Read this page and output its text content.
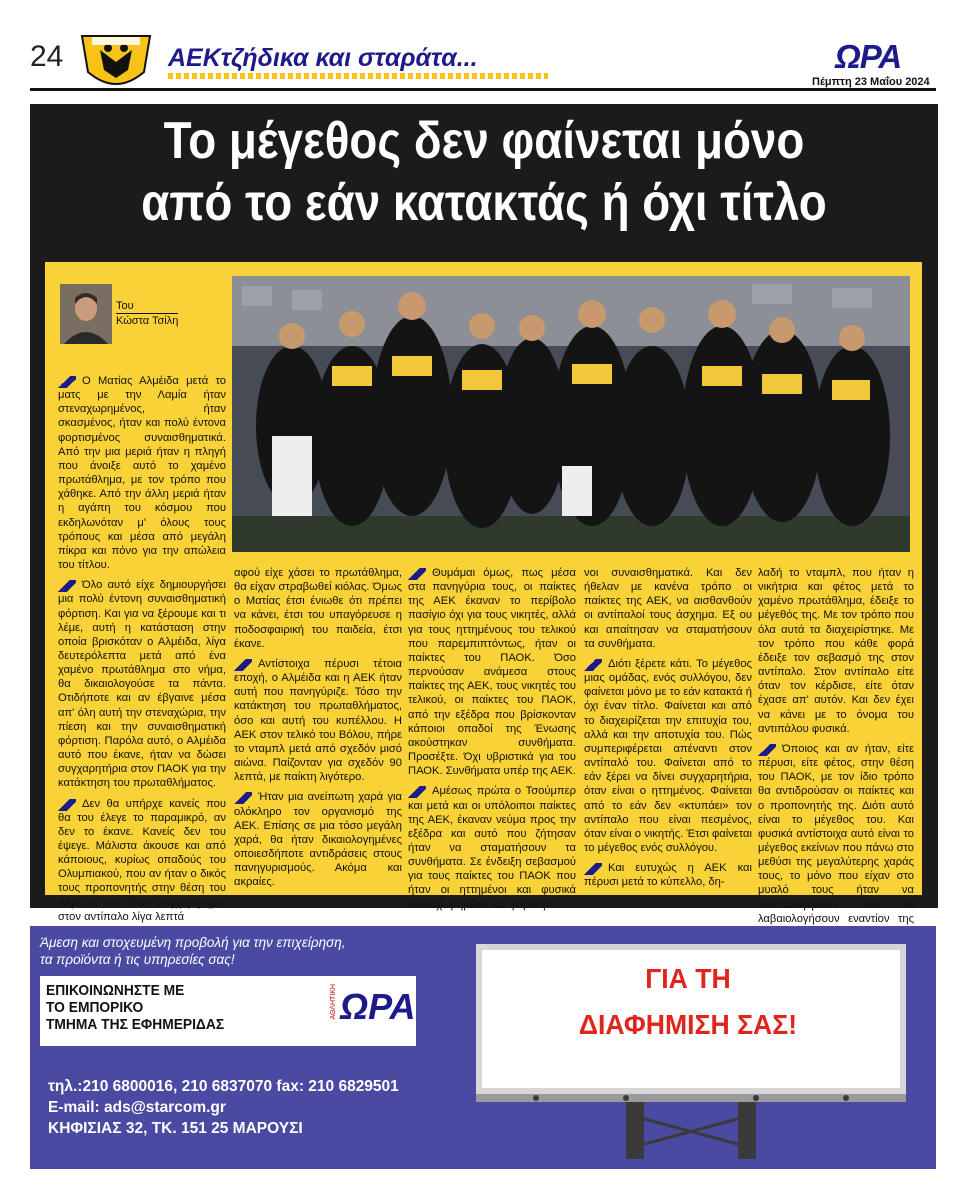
24	ΑΕΚτζήδικα και σταράτα...	ΩΡΑ
Πέμπτη 23 Μαΐου 2024
Το μέγεθος δεν φαίνεται μόνο
από το εάν κατακτάς ή όχι τίτλο
Του
Κώστα Τσίλη

Ο Ματίας Αλμέιδα μετά το ματς με την Λαμία ήταν στεναχωρημένος, ήταν σκασμένος, ήταν και πολύ έντονα φορτισμένος συναισθηματικά. Από την μια μεριά ήταν η πληγή που άνοιξε αυτό το χαμένο πρωτάθλημα, με τον τρόπο που χάθηκε. Από την άλλη μεριά ήταν η αγάπη του κόσμου που εκδηλωνόταν μ' όλους τους τρόπους και μέσα από μεγάλη πίκρα και πόνο για την απώλεια του τίτλου.

Όλο αυτό είχε δημιουργήσει μια πολύ έντονη συναισθηματική φόρτιση. Και για να ξέρουμε και τι λέμε, αυτή η κατάσταση στην οποία βρισκόταν ο Αλμέιδα, λίγα δευτερόλεπτα μετά από ένα χαμένο πρωτάθλημα στο νήμα, θα δικαιολογούσε τα πάντα. Οτιδήποτε και αν έβγαινε μέσα απ' όλη αυτή την στεναχώρια, την πίεση και την συναισθηματική φόρτιση. Παρόλα αυτό, ο Αλμέιδα αυτό που έκανε, ήταν να δώσει συγχαρητήρια στον ΠΑΟΚ για την κατάκτηση του πρωταθλήματος.

Δεν θα υπήρχε κανείς που θα του έλεγε το παραμικρό, αν δεν το έκανε. Κανείς δεν του έψεγε. Μάλιστα άκουσε και από κάποιους, κυρίως οπαδούς του Ολυμπιακού, που αν ήταν ο δικός τους προπονητής στην θέση του Αλμέιδα και έδινε συγχαρητήρια στον αντίπαλο λίγα λεπτά

αφού είχε χάσει το πρωτάθλημα, θα είχαν στραβωθεί κιόλας. Όμως ο Ματίας έτσι ένιωθε ότι πρέπει να κάνει, έτσι του υπαγόρευσε η ποδοσφαιρική του παιδεία, έτσι έκανε.

Αντίστοιχα πέρυσι τέτοια εποχή, ο Αλμέιδα και η ΑΕΚ ήταν αυτή που πανηγύριζε. Τόσο την κατάκτηση του πρωταθλήματος, όσο και αυτή του κυπέλλου. Η ΑΕΚ στον τελικό του Βόλου, πήρε το νταμπλ μετά από σχεδόν μισό αιώνα. Παίζονταν για σχεδόν 90 λεπτά, με παίκτη λιγότερο.

Ήταν μια ανείπωτη χαρά για ολόκληρο τον οργανισμό της ΑΕΚ. Επίσης σε μια τόσο μεγάλη χαρά, θα ήταν δικαιολογημένες οποιεσδήποτε αντιδράσεις στους πανηγυρισμούς. Ακόμα και ακραίες.

Θυμάμαι όμως, πως μέσα στα πανηγύρια τους, οι παίκτες της ΑΕΚ έκαναν το περίβολο πασίγιο όχι για τους νικητές, αλλά για τους ηττημένους του τελικού που παρεμπιπτόντως, ήταν οι παίκτες του ΠΑΟΚ. Όσο περνούσαν ανάμεσα στους παίκτες της ΑΕΚ, τους νικητές του τελικού, οι παίκτες του ΠΑΟΚ, από την εξέδρα που βρίσκονταν κάποιοι οπαδοί της Ένωσης ακούστηκαν συνθήματα. Προσέξτε. Όχι υβριστικά για του ΠΑΟΚ. Συνθήματα υπέρ της ΑΕΚ.

Αμέσως πρώτα ο Τσούμπερ και μετά και οι υπόλοιποι παίκτες της ΑΕΚ, έκαναν νεύμα προς την εξέδρα και αυτό που ζήτησαν ήταν να σταματήσουν τα συνθήματα. Σε ένδειξη σεβασμού για τους παίκτες του ΠΑΟΚ που ήταν οι ηττημένοι και φυσικά στεναχωρημένοι και φορτισμέ-

νοι συναισθηματικά. Και δεν ήθελαν με κανένα τρόπο οι παίκτες της ΑΕΚ, να αισθανθούν οι αντίπαλοί τους άσχημα. Εξ ου και απαίτησαν να σταματήσουν τα συνθήματα.

Διότι ξέρετε κάτι. Το μέγεθος μιας ομάδας, ενός συλλόγου, δεν φαίνεται μόνο με το εάν κατακτά ή όχι έναν τίτλο. Φαίνεται και από το διαχειρίζεται την επιτυχία του, αλλά και την αποτυχία του. Πώς συμπεριφέρεται απέναντι στον αντίπαλό του. Φαίνεται από το εάν ξέρει να δίνει συγχαρητήρια, όταν είναι ο ηττημένος. Φαίνεται από το εάν δεν «κτυπάει» τον αντίπαλο που είναι πεσμένος, όταν είναι ο νικητής. Έτσι φαίνεται το μέγεθος ενός συλλόγου.

Και ευτυχώς η ΑΕΚ και πέρυσι μετά το κύπελλο, δη-

λαδή το νταμπλ, που ήταν η νικήτρια και φέτος μετά το χαμένο πρωτάθλημα, έδειξε το μέγεθός της. Με τον τρόπο που όλα αυτά τα διαχειρίστηκε. Με τον τρόπο που κάθε φορά έδειξε τον σεβασμό της στον αντίπαλο. Στον αντίπαλο είτε όταν τον κέρδισε, είτε όταν έχασε απ' αυτόν. Και δεν έχει να κάνει με το όνομα του αντιπάλου φυσικά.

Όποιος και αν ήταν, είτε πέρυσι, είτε φέτος, στην θέση του ΠΑΟΚ, με τον ίδιο τρόπο θα αντιδρούσαν οι παίκτες και ο προπονητής της. Διότι αυτό είναι το μέγεθος του. Και φυσικά αντίστοιχα αυτό είναι το μέγεθος εκείνων που πάνω στο μεθύσι της μεγαλύτερης χαράς τους, το μόνο που είχαν στο μυαλό τους ήταν να λασπολογήσουν και να λαβαιολογήσουν εναντίον της

Άμεση και στοχευμένη προβολή για την επιχείρηση,
τα προϊόντα ή τις υπηρεσίες σας!
ΕΠΙΚΟΙΝΩΝΗΣΤΕ ΜΕ
ΤΟ ΕΜΠΟΡΙΚΟ
ΤΜΗΜΑ ΤΗΣ ΕΦΗΜΕΡΙΔΑΣ
ΑΘΛΗΤΙΚΗ ΩΡΑ
τηλ.:210 6800016, 210 6837070 fax: 210 6829501
E-mail: ads@starcom.gr
ΚΗΦΙΣΙΑΣ 32, ΤΚ. 151 25 ΜΑΡΟΥΣΙ
ΓΙΑ ΤΗ
ΔΙΑΦΗΜΙΣΗ ΣΑΣ!
